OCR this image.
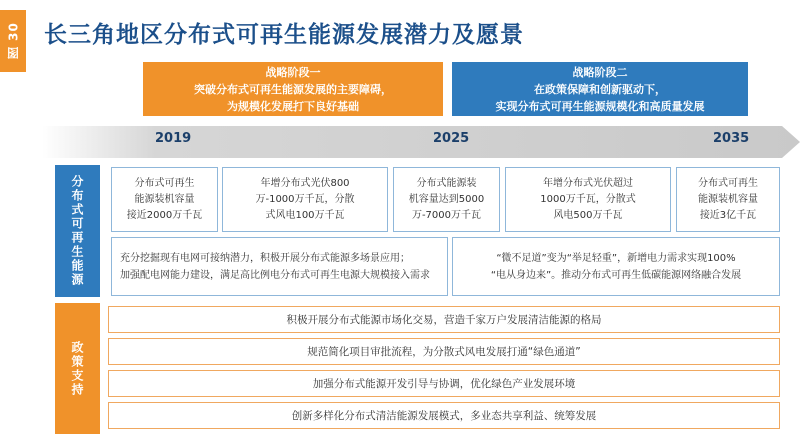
图 30 长三角地区分布式可再生能源发展潜力及愿景
战略阶段一
突破分布式可再生能源发展的主要障碍，
为规模化发展打下良好基础
战略阶段二
在政策保障和创新驱动下，
实现分布式可再生能源规模化和高质量发展
2019	2025	2035
分布式可再生能源
政策支持
分布式可再生
能源装机容量
接近2000万千瓦
年增分布式光伏800
万-1000万千瓦，分散
式风电100万千瓦
分布式能源装
机容量达到5000
万-7000万千瓦
年增分布式光伏超过
1000万千瓦，分散式
风电500万千瓦
分布式可再生
能源装机容量
接近3亿千瓦
充分挖掘现有电网可接纳潜力，积极开展分布式能源多场景应用；
加强配电网能力建设，满足高比例电分布式可再生电源大规模接入需求
“微不足道”变为“举足轻重”，新增电力需求实现100%
“电从身边来”。推动分布式可再生低碳能源网络融合发展
积极开展分布式能源市场化交易，营造千家万户发展清洁能源的格局
规范简化项目审批流程，为分散式风电发展打通“绿色通道”
加强分布式能源开发引导与协调，优化绿色产业发展环境
创新多样化分布式清洁能源发展模式，多业态共享利益、统筹发展
